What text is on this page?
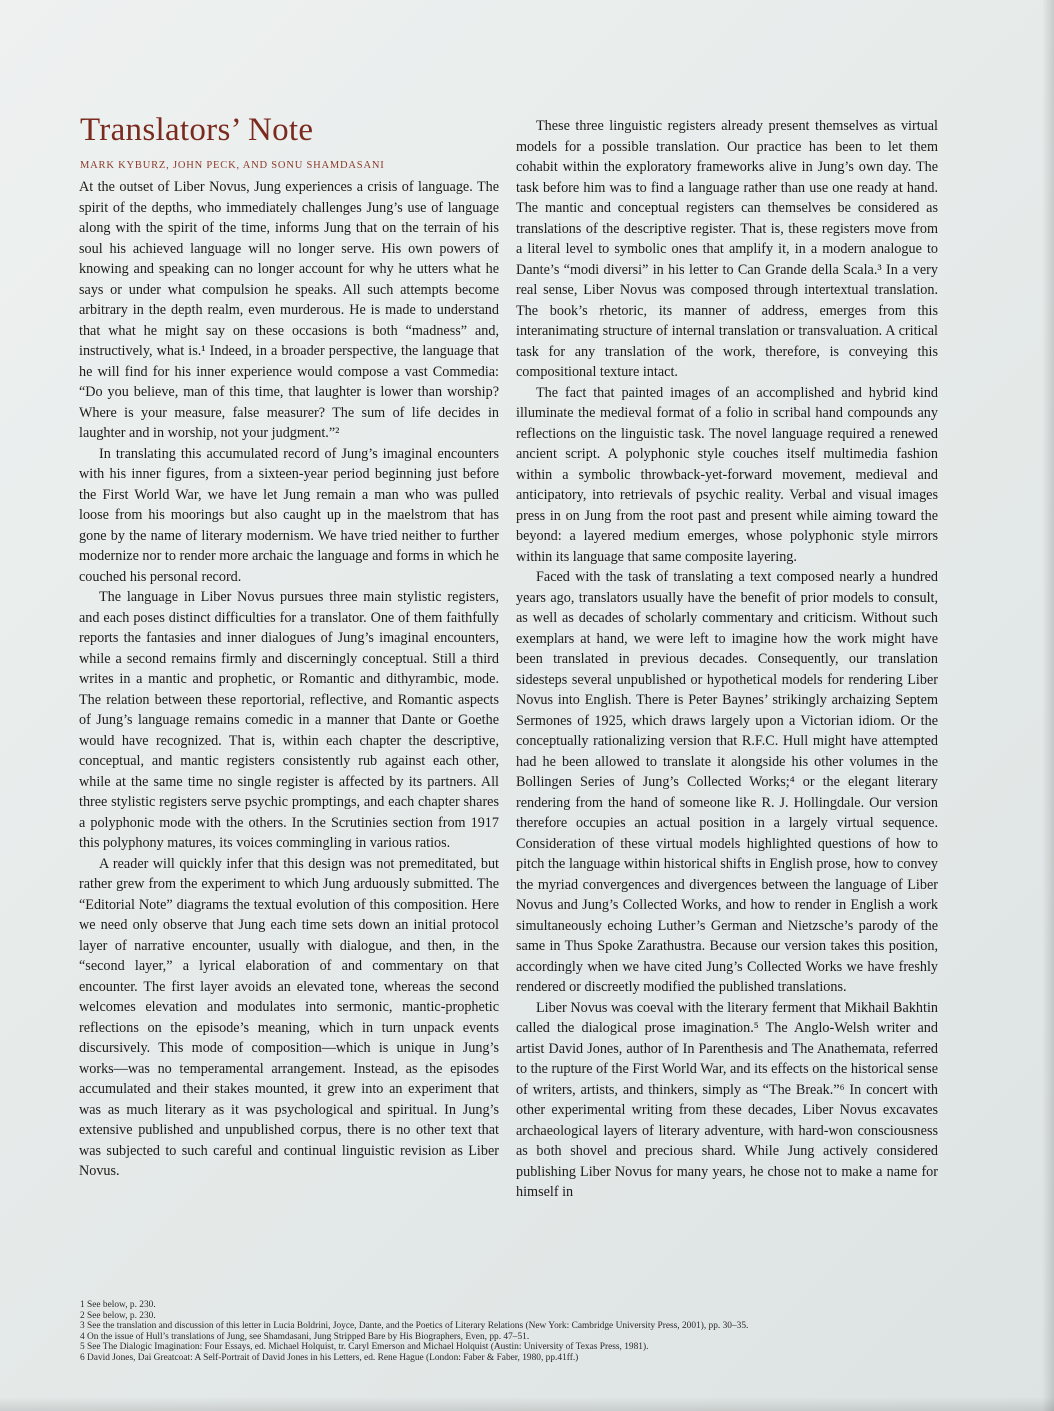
Translators’ Note
MARK KYBURZ, JOHN PECK, AND SONU SHAMDASANI

At the outset of Liber Novus, Jung experiences a crisis of language. The spirit of the depths, who immediately challenges Jung’s use of language along with the spirit of the time, informs Jung that on the terrain of his soul his achieved language will no longer serve. His own powers of knowing and speaking can no longer account for why he utters what he says or under what compulsion he speaks. All such attempts become arbitrary in the depth realm, even murderous. He is made to understand that what he might say on these occasions is both “madness” and, instructively, what is.¹ Indeed, in a broader perspective, the language that he will find for his inner experience would compose a vast Commedia: “Do you believe, man of this time, that laughter is lower than worship? Where is your measure, false measurer? The sum of life decides in laughter and in worship, not your judgment.”²

In translating this accumulated record of Jung’s imaginal encounters with his inner figures, from a sixteen-year period beginning just before the First World War, we have let Jung remain a man who was pulled loose from his moorings but also caught up in the maelstrom that has gone by the name of literary modernism. We have tried neither to further modernize nor to render more archaic the language and forms in which he couched his personal record.

The language in Liber Novus pursues three main stylistic registers, and each poses distinct difficulties for a translator. One of them faithfully reports the fantasies and inner dialogues of Jung’s imaginal encounters, while a second remains firmly and discerningly conceptual. Still a third writes in a mantic and prophetic, or Romantic and dithyrambic, mode. The relation between these reportorial, reflective, and Romantic aspects of Jung’s language remains comedic in a manner that Dante or Goethe would have recognized. That is, within each chapter the descriptive, conceptual, and mantic registers consistently rub against each other, while at the same time no single register is affected by its partners. All three stylistic registers serve psychic promptings, and each chapter shares a polyphonic mode with the others. In the Scrutinies section from 1917 this polyphony matures, its voices commingling in various ratios.

A reader will quickly infer that this design was not premeditated, but rather grew from the experiment to which Jung arduously submitted. The “Editorial Note” diagrams the textual evolution of this composition. Here we need only observe that Jung each time sets down an initial protocol layer of narrative encounter, usually with dialogue, and then, in the “second layer,” a lyrical elaboration of and commentary on that encounter. The first layer avoids an elevated tone, whereas the second welcomes elevation and modulates into sermonic, mantic-prophetic reflections on the episode’s meaning, which in turn unpack events discursively. This mode of composition—which is unique in Jung’s works—was no temperamental arrangement. Instead, as the episodes accumulated and their stakes mounted, it grew into an experiment that was as much literary as it was psychological and spiritual. In Jung’s extensive published and unpublished corpus, there is no other text that was subjected to such careful and continual linguistic revision as Liber Novus.

These three linguistic registers already present themselves as virtual models for a possible translation. Our practice has been to let them cohabit within the exploratory frameworks alive in Jung’s own day. The task before him was to find a language rather than use one ready at hand. The mantic and conceptual registers can themselves be considered as translations of the descriptive register. That is, these registers move from a literal level to symbolic ones that amplify it, in a modern analogue to Dante’s “modi diversi” in his letter to Can Grande della Scala.³ In a very real sense, Liber Novus was composed through intertextual translation. The book’s rhetoric, its manner of address, emerges from this interanimating structure of internal translation or transvaluation. A critical task for any translation of the work, therefore, is conveying this compositional texture intact.

The fact that painted images of an accomplished and hybrid kind illuminate the medieval format of a folio in scribal hand compounds any reflections on the linguistic task. The novel language required a renewed ancient script. A polyphonic style couches itself multimedia fashion within a symbolic throwback-yet-forward movement, medieval and anticipatory, into retrievals of psychic reality. Verbal and visual images press in on Jung from the root past and present while aiming toward the beyond: a layered medium emerges, whose polyphonic style mirrors within its language that same composite layering.

Faced with the task of translating a text composed nearly a hundred years ago, translators usually have the benefit of prior models to consult, as well as decades of scholarly commentary and criticism. Without such exemplars at hand, we were left to imagine how the work might have been translated in previous decades. Consequently, our translation sidesteps several unpublished or hypothetical models for rendering Liber Novus into English. There is Peter Baynes’ strikingly archaizing Septem Sermones of 1925, which draws largely upon a Victorian idiom. Or the conceptually rationalizing version that R.F.C. Hull might have attempted had he been allowed to translate it alongside his other volumes in the Bollingen Series of Jung’s Collected Works;⁴ or the elegant literary rendering from the hand of someone like R. J. Hollingdale. Our version therefore occupies an actual position in a largely virtual sequence. Consideration of these virtual models highlighted questions of how to pitch the language within historical shifts in English prose, how to convey the myriad convergences and divergences between the language of Liber Novus and Jung’s Collected Works, and how to render in English a work simultaneously echoing Luther’s German and Nietzsche’s parody of the same in Thus Spoke Zarathustra. Because our version takes this position, accordingly when we have cited Jung’s Collected Works we have freshly rendered or discreetly modified the published translations.

Liber Novus was coeval with the literary ferment that Mikhail Bakhtin called the dialogical prose imagination.⁵ The Anglo-Welsh writer and artist David Jones, author of In Parenthesis and The Anathemata, referred to the rupture of the First World War, and its effects on the historical sense of writers, artists, and thinkers, simply as “The Break.”⁶ In concert with other experimental writing from these decades, Liber Novus excavates archaeological layers of literary adventure, with hard-won consciousness as both shovel and precious shard. While Jung actively considered publishing Liber Novus for many years, he chose not to make a name for himself in

1 See below, p. 230.
2 See below, p. 230.
3 See the translation and discussion of this letter in Lucia Boldrini, Joyce, Dante, and the Poetics of Literary Relations (New York: Cambridge University Press, 2001), pp. 30–35.
4 On the issue of Hull’s translations of Jung, see Shamdasani, Jung Stripped Bare by His Biographers, Even, pp. 47–51.
5 See The Dialogic Imagination: Four Essays, ed. Michael Holquist, tr. Caryl Emerson and Michael Holquist (Austin: University of Texas Press, 1981).
6 David Jones, Dai Greatcoat: A Self-Portrait of David Jones in his Letters, ed. Rene Hague (London: Faber & Faber, 1980, pp.41ff.)
